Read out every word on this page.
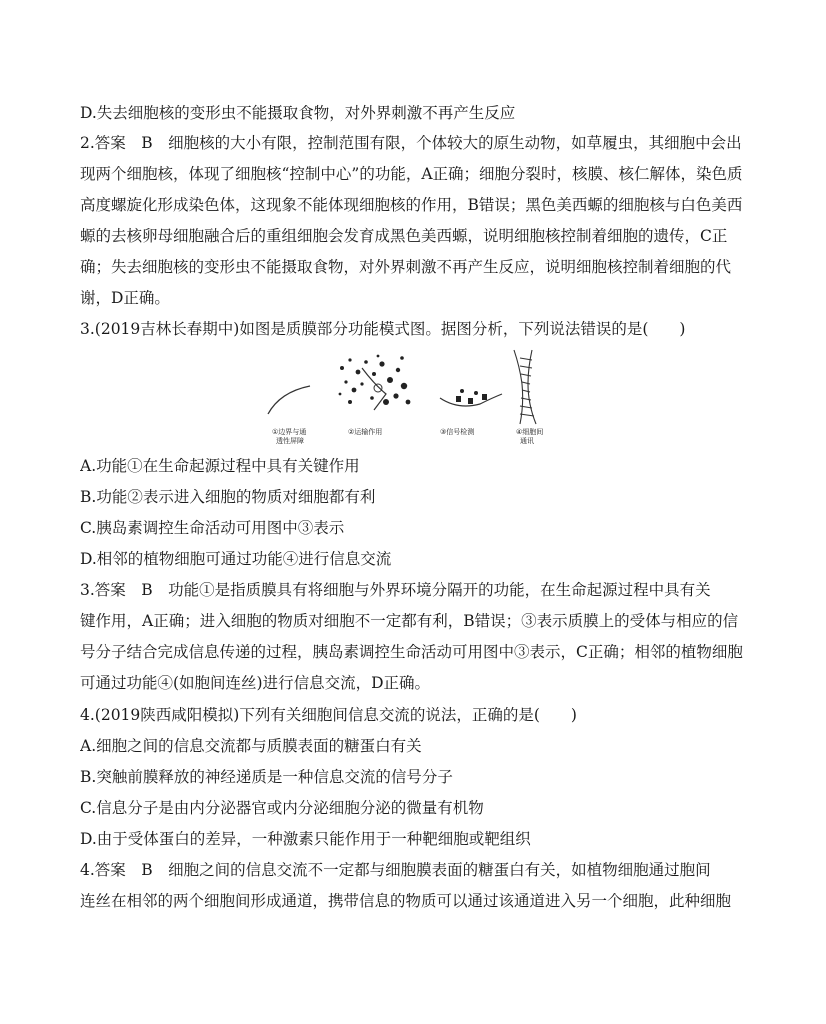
D.失去细胞核的变形虫不能摄取食物，对外界刺激不再产生反应
2.答案　B　细胞核的大小有限，控制范围有限，个体较大的原生动物，如草履虫，其细胞中会出
现两个细胞核，体现了细胞核“控制中心”的功能，A正确；细胞分裂时，核膜、核仁解体，染色质
高度螺旋化形成染色体，这现象不能体现细胞核的作用，B错误；黑色美西螈的细胞核与白色美西
螈的去核卵母细胞融合后的重组细胞会发育成黑色美西螈，说明细胞核控制着细胞的遗传，C正
确；失去细胞核的变形虫不能摄取食物，对外界刺激不再产生反应，说明细胞核控制着细胞的代
谢，D正确。
3.(2019吉林长春期中)如图是质膜部分功能模式图。据图分析，下列说法错误的是(　　)
①边界与通
透性屏障
②运输作用	③信号检测	④细胞间
通讯
A.功能①在生命起源过程中具有关键作用
B.功能②表示进入细胞的物质对细胞都有利
C.胰岛素调控生命活动可用图中③表示
D.相邻的植物细胞可通过功能④进行信息交流
3.答案　B　功能①是指质膜具有将细胞与外界环境分隔开的功能，在生命起源过程中具有关
键作用，A正确；进入细胞的物质对细胞不一定都有利，B错误；③表示质膜上的受体与相应的信
号分子结合完成信息传递的过程，胰岛素调控生命活动可用图中③表示，C正确；相邻的植物细胞
可通过功能④(如胞间连丝)进行信息交流，D正确。
4.(2019陕西咸阳模拟)下列有关细胞间信息交流的说法，正确的是(　　)
A.细胞之间的信息交流都与质膜表面的糖蛋白有关
B.突触前膜释放的神经递质是一种信息交流的信号分子
C.信息分子是由内分泌器官或内分泌细胞分泌的微量有机物
D.由于受体蛋白的差异，一种激素只能作用于一种靶细胞或靶组织
4.答案　B　细胞之间的信息交流不一定都与细胞膜表面的糖蛋白有关，如植物细胞通过胞间
连丝在相邻的两个细胞间形成通道，携带信息的物质可以通过该通道进入另一个细胞，此种细胞
